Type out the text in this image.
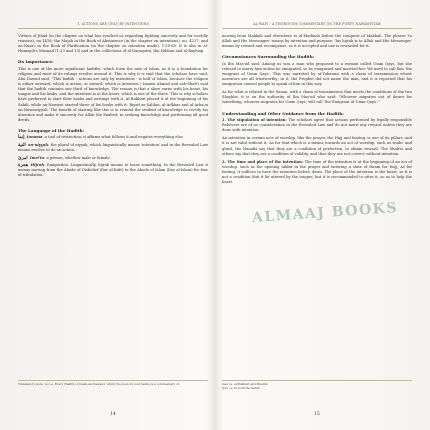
1. ACTIONS ARE ONLY BY INTENTIONS

Virtues of Jihad (in the chapter on what has reached us regarding fighting sincerely and for worldly reasons), no.1416; the Majah in the Book of Abstinence (in the chapter on intentions), no. 4227; and an-Nasa'i in the Book of Purification (in the chapter on intention made), 1:59-60. It is also in al-Humaydi's Musnad (1:23 and 13) and in the collections of al-Daraqutni, Ibn Hibban and al-Bayhaqi.

Its Importance:

This is one of the more significant hadiths, which form the axis of Islam, as it is a foundation for religion and most of its rulings revolve around it. This is why it is said that the scholars have said, Abu Dawud said, "This hadith - actions are only by intentions - is half of Islam, because the religion is either outward, which is action, or inward, which is intention." Imams Ahmad and ash-Shafi'i said that the hadith contains one third of knowledge. The reason is that a slave earns with his heart, his tongue and his limbs, and the intention is in the heart, which is one of the three. This is why scholars have preferred to start their books and writings with it. Al-Bukhari placed it at the beginning of his Sahih, while an-Nawawi started three of his books with it: Riyad as-Salihin, al-Adhkar and al-Arba'in an-Nawawiyyah. The benefit of starting like this is to remind the student of knowledge to rectify his intention and make it sincerely for Allah the Exalted, in seeking knowledge and performing all good deeds.

The Language of the Hadith:

إنما Innama: a tool of restriction; it affirms what follows it and negates everything else.

النية an-niyyah: the plural of niyyah, which linguistically means 'intention' and in the Revealed Law means resolve to do an action.

امرئ Imri'in: a person, whether male or female.

هجرة Hijrah: Emigration. Linguistically, hijrah means to leave something. In the Revealed Law it means moving from the Abode of Disbelief (Dar al-Kufr) to the Abode of Islam (Dar al-Islam) for fear of tribulation.

Translator's note: (s) i.e. Every Hadith of Imam an-Nawawi, which the book in your hands is a commentary of.

14
AL-WAFI - A THOROUGH COMMENTARY ON THE FORTY NAWAWIYYAH

moving from Makkah and elsewhere to al-Madinah before the conquest of Makkah. The phrase 'to Allah and His Messenger' means by intention and purpose; 'his hijrah is to Allah and His Messenger' means by reward and recompense, so it is accepted and one is rewarded for it.

Circumstances Surrounding the Hadith:

In Ibn Mas'ud said: Among us was a man who proposed to a woman called Umm Qays, but she refused to marry him unless he emigrated, so he emigrated and married her. We used to call him 'the emigrant of Umm Qays'. This was narrated by at-Tabarani with a chain of transmission whose narrators are all trustworthy; in it, the Prophet did not name the man, and it is reported that his emigration caused people to speak of him in this way.

As for what is related in the Sunan, with a chain of transmission that meets the conditions of the two Shaykhs, it is on the authority of Ibn Mas'ud who said: "Whoever migrates out of desire for something, whoever migrates for Umm Qays, will call 'the Emigrant of Umm Qays'."

Understanding and Other Guidance from the Hadith:

1. The stipulation of intention: The scholars agree that actions performed by legally responsible Believers are of no consideration in the Revealed Law and do not merit any reward unless they are done with intention.

An intention in certain acts of worship, like the prayer, the Hajj and fasting, is one of its pillars, and it is not valid without it. As for that which is a means towards an act of worship, such as wudu' and ghusl, the Hanafis say that they are a condition of perfection, to obtain reward. The Shafi'is and others say that they are a condition of validity, and thus they are not correct without intention.

2. The time and place of the intention: The time of the intention is at the beginning of an act of worship, such as the opening takbir in the prayer and entering a state of ihram for Hajj. As for fasting, it suffices to have the intention before dawn. The place of the intention is the heart, so it is not a condition that it be uttered by the tongue; but it is recommended to utter it, so as to help the heart.

(aa) i.e. al-Bukhari and Muslim

(bb) i.e. in both the Sahih

15
ALMAAJ BOOKS
